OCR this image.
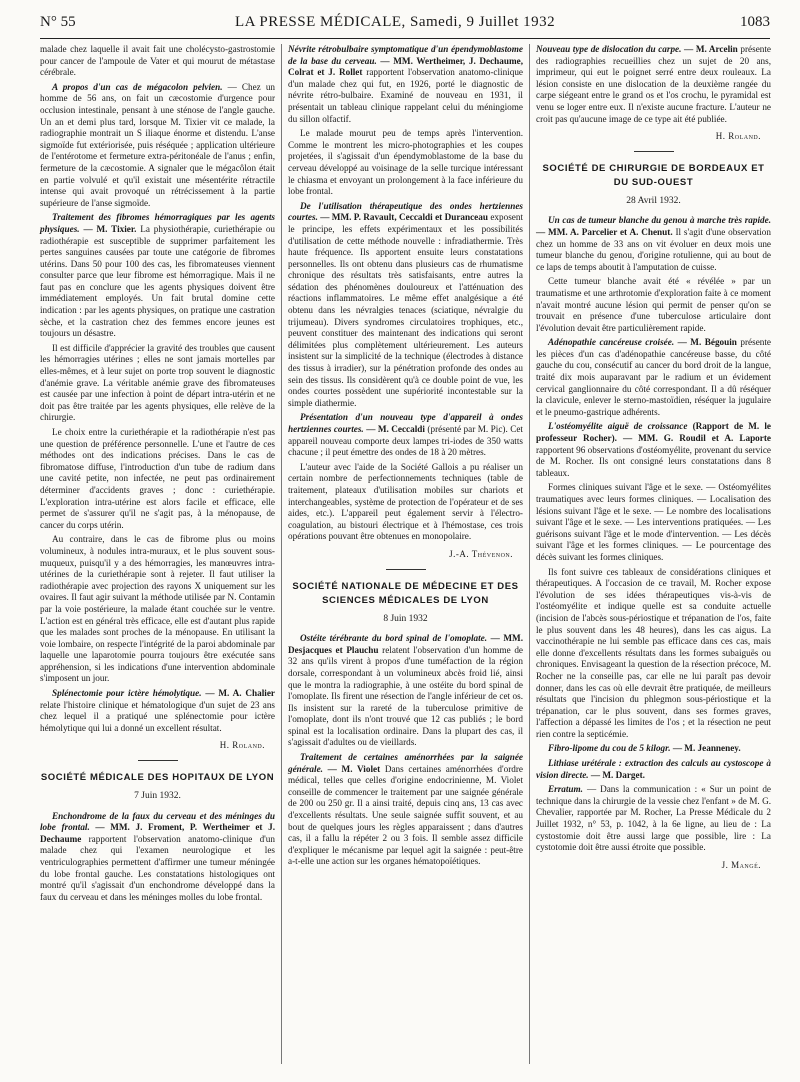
N° 55	LA PRESSE MÉDICALE, Samedi, 9 Juillet 1932	1083

malade chez laquelle il avait fait une cholécysto-gastrostomie pour cancer de l'ampoule de Vater et qui mourut de métastase cérébrale.

A propos d'un cas de mégacolon pelvien. — Chez un homme de 56 ans, on fait un cæcostomie d'urgence pour occlusion intestinale, pensant à une sténose de l'angle gauche. Un an et demi plus tard, lorsque M. Tixier vit ce malade, la radiographie montrait un S iliaque énorme et distendu. L'anse sigmoïde fut extériorisée, puis réséquée ; application ultérieure de l'entérotome et fermeture extra-péritonéale de l'anus ; enfin, fermeture de la cæcostomie. A signaler que le mégacôlon était en partie volvulé et qu'il existait une mésentérite rétractile intense qui avait provoqué un rétrécissement à la partie supérieure de l'anse sigmoïde.

Traitement des fibromes hémorragiques par les agents physiques. — M. Tixier. La physiothérapie, curiethérapie ou radiothérapie est susceptible de supprimer parfaitement les pertes sanguines causées par toute une catégorie de fibromes utérins. Dans 50 pour 100 des cas, les fibromateuses viennent consulter parce que leur fibrome est hémorragique. Mais il ne faut pas en conclure que les agents physiques doivent être immédiatement employés. Un fait brutal domine cette indication : par les agents physiques, on pratique une castration sèche, et la castration chez des femmes encore jeunes est toujours un désastre.

Il est difficile d'apprécier la gravité des troubles que causent les hémorragies utérines ; elles ne sont jamais mortelles par elles-mêmes, et à leur sujet on porte trop souvent le diagnostic d'anémie grave. La véritable anémie grave des fibromateuses est causée par une infection à point de départ intra-utérin et ne doit pas être traitée par les agents physiques, elle relève de la chirurgie.

Le choix entre la curiethérapie et la radiothérapie n'est pas une question de préférence personnelle. L'une et l'autre de ces méthodes ont des indications précises. Dans le cas de fibromatose diffuse, l'introduction d'un tube de radium dans une cavité petite, non infectée, ne peut pas ordinairement déterminer d'accidents graves ; donc : curiethérapie. L'exploration intra-utérine est alors facile et efficace, elle permet de s'assurer qu'il ne s'agit pas, à la ménopause, de cancer du corps utérin.

Au contraire, dans le cas de fibrome plus ou moins volumineux, à nodules intra-muraux, et le plus souvent sous-muqueux, puisqu'il y a des hémorragies, les manœuvres intra-utérines de la curiethérapie sont à rejeter. Il faut utiliser la radiothérapie avec projection des rayons X uniquement sur les ovaires. Il faut agir suivant la méthode utilisée par N. Contamin par la voie postérieure, la malade étant couchée sur le ventre. L'action est en général très efficace, elle est d'autant plus rapide que les malades sont proches de la ménopause. En utilisant la voie lombaire, on respecte l'intégrité de la paroi abdominale par laquelle une laparotomie pourra toujours être exécutée sans appréhension, si les indications d'une intervention abdominale s'imposent un jour.

Splénectomie pour ictère hémolytique. — M. A. Chalier relate l'histoire clinique et hématologique d'un sujet de 23 ans chez lequel il a pratiqué une splénectomie pour ictère hémolytique qui lui a donné un excellent résultat.

H. Roland.
SOCIÉTÉ MÉDICALE DES HOPITAUX DE LYON
7 Juin 1932.

Enchondrome de la faux du cerveau et des méninges du lobe frontal. — MM. J. Froment, P. Wertheimer et J. Dechaume rapportent l'observation anatomo-clinique d'un malade chez qui l'examen neurologique et les ventriculographies permettent d'affirmer une tumeur méningée du lobe frontal gauche. Les constatations histologiques ont montré qu'il s'agissait d'un enchondrome développé dans la faux du cerveau et dans les méninges molles du lobe frontal.

Névrite rétrobulbaire symptomatique d'un épendymoblastome de la base du cerveau. — MM. Wertheimer, J. Dechaume, Colrat et J. Rollet rapportent l'observation anatomo-clinique d'un malade chez qui fut, en 1926, porté le diagnostic de névrite rétro-bulbaire. Examiné de nouveau en 1931, il présentait un tableau clinique rappelant celui du méningiome du sillon olfactif.

Le malade mourut peu de temps après l'intervention. Comme le montrent les micro-photographies et les coupes projetées, il s'agissait d'un épendymoblastome de la base du cerveau développé au voisinage de la selle turcique intéressant le chiasma et envoyant un prolongement à la face inférieure du lobe frontal.

De l'utilisation thérapeutique des ondes hertziennes courtes. — MM. P. Ravault, Ceccaldi et Duranceau exposent le principe, les effets expérimentaux et les possibilités d'utilisation de cette méthode nouvelle : infradiathermie. Très haute fréquence. Ils apportent ensuite leurs constatations personnelles. Ils ont obtenu dans plusieurs cas de rhumatisme chronique des résultats très satisfaisants, entre autres la sédation des phénomènes douloureux et l'atténuation des réactions inflammatoires. Le même effet analgésique a été obtenu dans les névralgies tenaces (sciatique, névralgie du trijumeau). Divers syndromes circulatoires trophiques, etc., peuvent constituer des maintenant des indications qui seront délimitées plus complètement ultérieurement. Les auteurs insistent sur la simplicité de la technique (électrodes à distance des tissus à irradier), sur la pénétration profonde des ondes au sein des tissus. Ils considèrent qu'à ce double point de vue, les ondes courtes possèdent une supériorité incontestable sur la simple diathermie.

Présentation d'un nouveau type d'appareil à ondes hertziennes courtes. — M. Ceccaldi (présenté par M. Pic). Cet appareil nouveau comporte deux lampes tri-iodes de 350 watts chacune ; il peut émettre des ondes de 18 à 20 mètres.

L'auteur avec l'aide de la Société Gallois a pu réaliser un certain nombre de perfectionnements techniques (table de traitement, plateaux d'utilisation mobiles sur chariots et interchangeables, système de protection de l'opérateur et de ses aides, etc.). L'appareil peut également servir à l'électro-coagulation, au bistouri électrique et à l'hémostase, ces trois opérations pouvant être obtenues en monopolaire.

J.-A. Thévenon.
SOCIÉTÉ NATIONALE DE MÉDECINE ET DES SCIENCES MÉDICALES DE LYON
8 Juin 1932

Ostéite térébrante du bord spinal de l'omoplate. — MM. Desjacques et Plauchu relatent l'observation d'un homme de 32 ans qu'ils virent à propos d'une tuméfaction de la région dorsale, correspondant à un volumineux abcès froid lié, ainsi que le montra la radiographie, à une ostéite du bord spinal de l'omoplate. Ils firent une résection de l'angle inférieur de cet os. Ils insistent sur la rareté de la tuberculose primitive de l'omoplate, dont ils n'ont trouvé que 12 cas publiés ; le bord spinal est la localisation ordinaire. Dans la plupart des cas, il s'agissait d'adultes ou de vieillards.

Traitement de certaines aménorrhées par la saignée générale. — M. Violet Dans certaines aménorrhées d'ordre médical, telles que celles d'origine endocrinienne, M. Violet conseille de commencer le traitement par une saignée générale de 200 ou 250 gr. Il a ainsi traité, depuis cinq ans, 13 cas avec d'excellents résultats. Une seule saignée suffit souvent, et au bout de quelques jours les règles apparaissent ; dans d'autres cas, il a fallu la répéter 2 ou 3 fois. Il semble assez difficile d'expliquer le mécanisme par lequel agit la saignée : peut-être a-t-elle une action sur les organes hématopoïétiques.

Nouveau type de dislocation du carpe. — M. Arcelin présente des radiographies recueillies chez un sujet de 20 ans, imprimeur, qui eut le poignet serré entre deux rouleaux. La lésion consiste en une dislocation de la deuxième rangée du carpe siégeant entre le grand os et l'os crochu, le pyramidal est venu se loger entre eux. Il n'existe aucune fracture. L'auteur ne croit pas qu'aucune image de ce type ait été publiée.

H. Roland.
SOCIÉTÉ DE CHIRURGIE DE BORDEAUX ET DU SUD-OUEST
28 Avril 1932.

Un cas de tumeur blanche du genou à marche très rapide. — MM. A. Parcelier et A. Chenut. Il s'agit d'une observation chez un homme de 33 ans on vit évoluer en deux mois une tumeur blanche du genou, d'origine rotulienne, qui au bout de ce laps de temps aboutit à l'amputation de cuisse.

Cette tumeur blanche avait été « révélée » par un traumatisme et une arthrotomie d'exploration faite à ce moment n'avait montré aucune lésion qui permit de penser qu'on se trouvait en présence d'une tuberculose articulaire dont l'évolution devait être particulièrement rapide.

Adénopathie cancéreuse croisée. — M. Bégouin présente les pièces d'un cas d'adénopathie cancéreuse basse, du côté gauche du cou, consécutif au cancer du bord droit de la langue, traité dix mois auparavant par le radium et un évidement cervical ganglionnaire du côté correspondant. Il a dû réséquer la clavicule, enlever le sterno-mastoïdien, réséquer la jugulaire et le pneumo-gastrique adhérents.

L'ostéomyélite aiguë de croissance (Rapport de M. le professeur Rocher). — MM. G. Roudil et A. Laporte rapportent 96 observations d'ostéomyélite, provenant du service de M. Rocher. Ils ont consigné leurs constatations dans 8 tableaux.

Formes cliniques suivant l'âge et le sexe. — Ostéomyélites traumatiques avec leurs formes cliniques. — Localisation des lésions suivant l'âge et le sexe. — Le nombre des localisations suivant l'âge et le sexe. — Les interventions pratiquées. — Les guérisons suivant l'âge et le mode d'intervention. — Les décès suivant l'âge et les formes cliniques. — Le pourcentage des décès suivant les formes cliniques.

Ils font suivre ces tableaux de considérations cliniques et thérapeutiques. A l'occasion de ce travail, M. Rocher expose l'évolution de ses idées thérapeutiques vis-à-vis de l'ostéomyélite et indique quelle est sa conduite actuelle (incision de l'abcès sous-périostique et trépanation de l'os, faite le plus souvent dans les 48 heures), dans les cas aigus. La vaccinothérapie ne lui semble pas efficace dans ces cas, mais elle donne d'excellents résultats dans les formes subaiguës ou chroniques. Envisageant la question de la résection précoce, M. Rocher ne la conseille pas, car elle ne lui paraît pas devoir donner, dans les cas où elle devrait être pratiquée, de meilleurs résultats que l'incision du phlegmon sous-périostique et la trépanation, car le plus souvent, dans ses formes graves, l'affection a dépassé les limites de l'os ; et la résection ne peut rien contre la septicémie.

Fibro-lipome du cou de 5 kilogr. — M. Jeanneney.

Lithiase urétérale : extraction des calculs au cystoscope à vision directe. — M. Darget.

Erratum. — Dans la communication : « Sur un point de technique dans la chirurgie de la vessie chez l'enfant » de M. G. Chevalier, rapportée par M. Rocher, La Presse Médicale du 2 Juillet 1932, n° 53, p. 1042, à la 6e ligne, au lieu de : La cystostomie doit être aussi large que possible, lire : La cystotomie doit être aussi étroite que possible.

J. Mangé.
